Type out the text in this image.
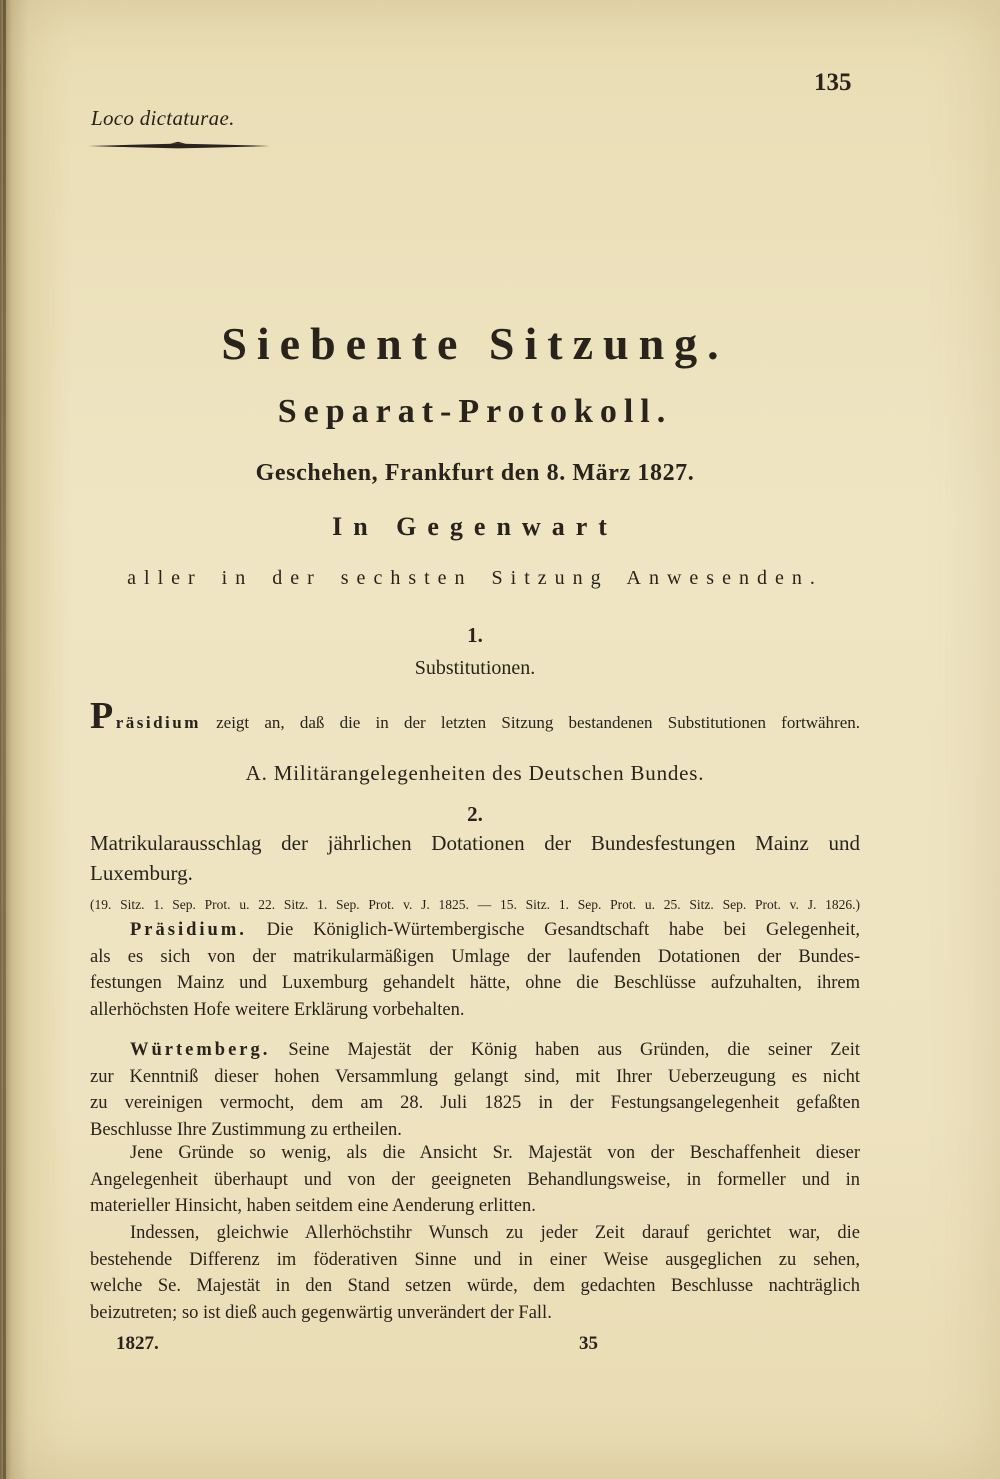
135
Loco dictaturae.
Siebente Sitzung.
Separat-Protokoll.
Geschehen, Frankfurt den 8. März 1827.
In Gegenwart
aller in der sechsten Sitzung Anwesenden.
1.
Substitutionen.
Präsidium zeigt an, daß die in der letzten Sitzung bestandenen Substitutionen fortwähren.
A. Militärangelegenheiten des Deutschen Bundes.
2.
Matrikularausschlag der jährlichen Dotationen der Bundesfestungen Mainz und
Luxemburg.
(19. Sitz. 1. Sep. Prot. u. 22. Sitz. 1. Sep. Prot. v. J. 1825. — 15. Sitz. 1. Sep. Prot. u. 25. Sitz. Sep. Prot. v. J. 1826.)
Präsidium. Die Königlich-Würtembergische Gesandtschaft habe bei Gelegenheit,
als es sich von der matrikularmäßigen Umlage der laufenden Dotationen der Bundes-
festungen Mainz und Luxemburg gehandelt hätte, ohne die Beschlüsse aufzuhalten, ihrem
allerhöchsten Hofe weitere Erklärung vorbehalten.
Würtemberg. Seine Majestät der König haben aus Gründen, die seiner Zeit
zur Kenntniß dieser hohen Versammlung gelangt sind, mit Ihrer Ueberzeugung es nicht
zu vereinigen vermocht, dem am 28. Juli 1825 in der Festungsangelegenheit gefaßten
Beschlusse Ihre Zustimmung zu ertheilen.
Jene Gründe so wenig, als die Ansicht Sr. Majestät von der Beschaffenheit dieser
Angelegenheit überhaupt und von der geeigneten Behandlungsweise, in formeller und in
materieller Hinsicht, haben seitdem eine Aenderung erlitten.
Indessen, gleichwie Allerhöchstihr Wunsch zu jeder Zeit darauf gerichtet war, die
bestehende Differenz im föderativen Sinne und in einer Weise ausgeglichen zu sehen,
welche Se. Majestät in den Stand setzen würde, dem gedachten Beschlusse nachträglich
beizutreten; so ist dieß auch gegenwärtig unverändert der Fall.
1827.	35
